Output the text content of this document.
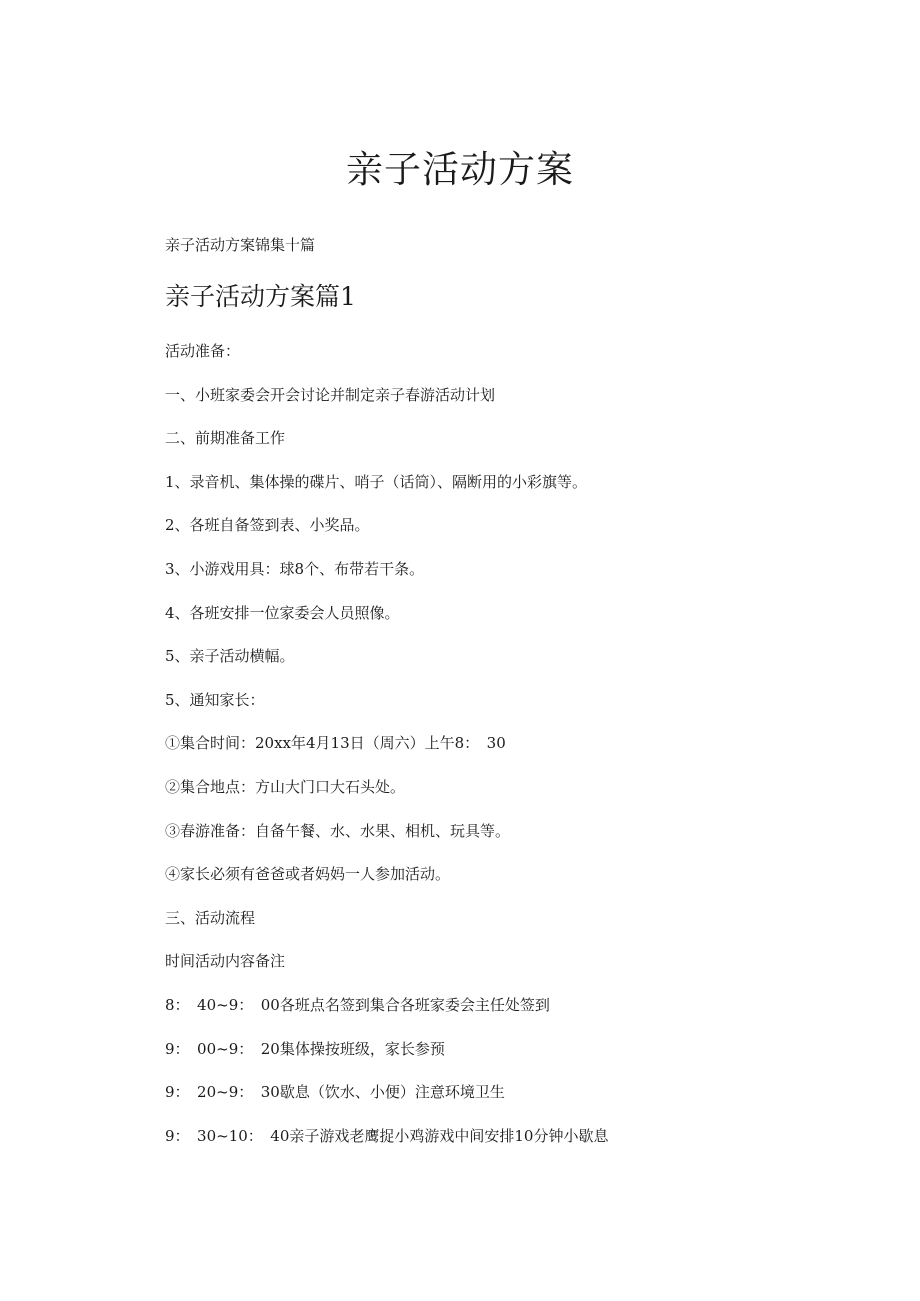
亲子活动方案

亲子活动方案锦集十篇

亲子活动方案篇1
活动准备：
一、小班家委会开会讨论并制定亲子春游活动计划
二、前期准备工作
1、录音机、集体操的碟片、哨子（话筒）、隔断用的小彩旗等。
2、各班自备签到表、小奖品。
3、小游戏用具：球8个、布带若干条。
4、各班安排一位家委会人员照像。
5、亲子活动横幅。
5、通知家长：
①集合时间：20xx年4月13日（周六）上午8：　30
②集合地点：方山大门口大石头处。
③春游准备：自备午餐、水、水果、相机、玩具等。
④家长必须有爸爸或者妈妈一人参加活动。
三、活动流程
时间活动内容备注
8：　40~9：　00各班点名签到集合各班家委会主任处签到
9：　00~9：　20集体操按班级，家长参预
9：　20~9：　30歇息（饮水、小便）注意环境卫生
9：　30~10：　40亲子游戏老鹰捉小鸡游戏中间安排10分钟小歇息
